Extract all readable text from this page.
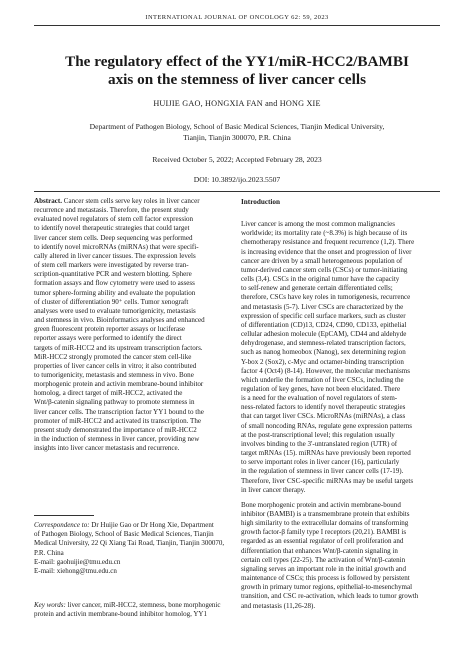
INTERNATIONAL JOURNAL OF ONCOLOGY 62: 59, 2023
The regulatory effect of the YY1/miR-HCC2/BAMBI
axis on the stemness of liver cancer cells
HUIJIE GAO, HONGXIA FAN and HONG XIE
Department of Pathogen Biology, School of Basic Medical Sciences, Tianjin Medical University,
Tianjin, Tianjin 300070, P.R. China
Received October 5, 2022; Accepted February 28, 2023
DOI: 10.3892/ijo.2023.5507
Abstract. Cancer stem cells serve key roles in liver cancer
recurrence and metastasis. Therefore, the present study
evaluated novel regulators of stem cell factor expression
to identify novel therapeutic strategies that could target
liver cancer stem cells. Deep sequencing was performed
to identify novel microRNAs (miRNAs) that were specifi-
cally altered in liver cancer tissues. The expression levels
of stem cell markers were investigated by reverse tran-
scription-quantitative PCR and western blotting. Sphere
formation assays and flow cytometry were used to assess
tumor sphere-forming ability and evaluate the population
of cluster of differentiation 90⁺ cells. Tumor xenograft
analyses were used to evaluate tumorigenicity, metastasis
and stemness in vivo. Bioinformatics analyses and enhanced
green fluorescent protein reporter assays or luciferase
reporter assays were performed to identify the direct
targets of miR-HCC2 and its upstream transcription factors.
MiR-HCC2 strongly promoted the cancer stem cell-like
properties of liver cancer cells in vitro; it also contributed
to tumorigenicity, metastasis and stemness in vivo. Bone
morphogenic protein and activin membrane-bound inhibitor
homolog, a direct target of miR-HCC2, activated the
Wnt/β-catenin signaling pathway to promote stemness in
liver cancer cells. The transcription factor YY1 bound to the
promoter of miR-HCC2 and activated its transcription. The
present study demonstrated the importance of miR-HCC2
in the induction of stemness in liver cancer, providing new
insights into liver cancer metastasis and recurrence.
Correspondence to: Dr Huijie Gao or Dr Hong Xie, Department
of Pathogen Biology, School of Basic Medical Sciences, Tianjin
Medical University, 22 Qi Xiang Tai Road, Tianjin, Tianjin 300070,
P.R. China
E-mail: gaohuijie@tmu.edu.cn
E-mail: xiehong@tmu.edu.cn
Key words: liver cancer, miR-HCC2, stemness, bone morphogenic
protein and activin membrane-bound inhibitor homolog, YY1
Introduction
Liver cancer is among the most common malignancies
worldwide; its mortality rate (~8.3%) is high because of its
chemotherapy resistance and frequent recurrence (1,2). There
is increasing evidence that the onset and progression of liver
cancer are driven by a small heterogeneous population of
tumor-derived cancer stem cells (CSCs) or tumor-initiating
cells (3,4). CSCs in the original tumor have the capacity
to self-renew and generate certain differentiated cells;
therefore, CSCs have key roles in tumorigenesis, recurrence
and metastasis (5-7). Liver CSCs are characterized by the
expression of specific cell surface markers, such as cluster
of differentiation (CD)13, CD24, CD90, CD133, epithelial
cellular adhesion molecule (EpCAM), CD44 and aldehyde
dehydrogenase, and stemness-related transcription factors,
such as nanog homeobox (Nanog), sex determining region
Y-box 2 (Sox2), c-Myc and octamer-binding transcription
factor 4 (Oct4) (8-14). However, the molecular mechanisms
which underlie the formation of liver CSCs, including the
regulation of key genes, have not been elucidated. There
is a need for the evaluation of novel regulators of stem-
ness-related factors to identify novel therapeutic strategies
that can target liver CSCs. MicroRNAs (miRNAs), a class
of small noncoding RNAs, regulate gene expression patterns
at the post-transcriptional level; this regulation usually
involves binding to the 3'-untranslated region (UTR) of
target mRNAs (15). miRNAs have previously been reported
to serve important roles in liver cancer (16), particularly
in the regulation of stemness in liver cancer cells (17-19).
Therefore, liver CSC-specific miRNAs may be useful targets
in liver cancer therapy.
Bone morphogenic protein and activin membrane-bound
inhibitor (BAMBI) is a transmembrane protein that exhibits
high similarity to the extracellular domains of transforming
growth factor-β family type I receptors (20,21). BAMBI is
regarded as an essential regulator of cell proliferation and
differentiation that enhances Wnt/β-catenin signaling in
certain cell types (22-25). The activation of Wnt/β-catenin
signaling serves an important role in the initial growth and
maintenance of CSCs; this process is followed by persistent
growth in primary tumor regions, epithelial-to-mesenchymal
transition, and CSC re-activation, which leads to tumor growth
and metastasis (11,26-28).
